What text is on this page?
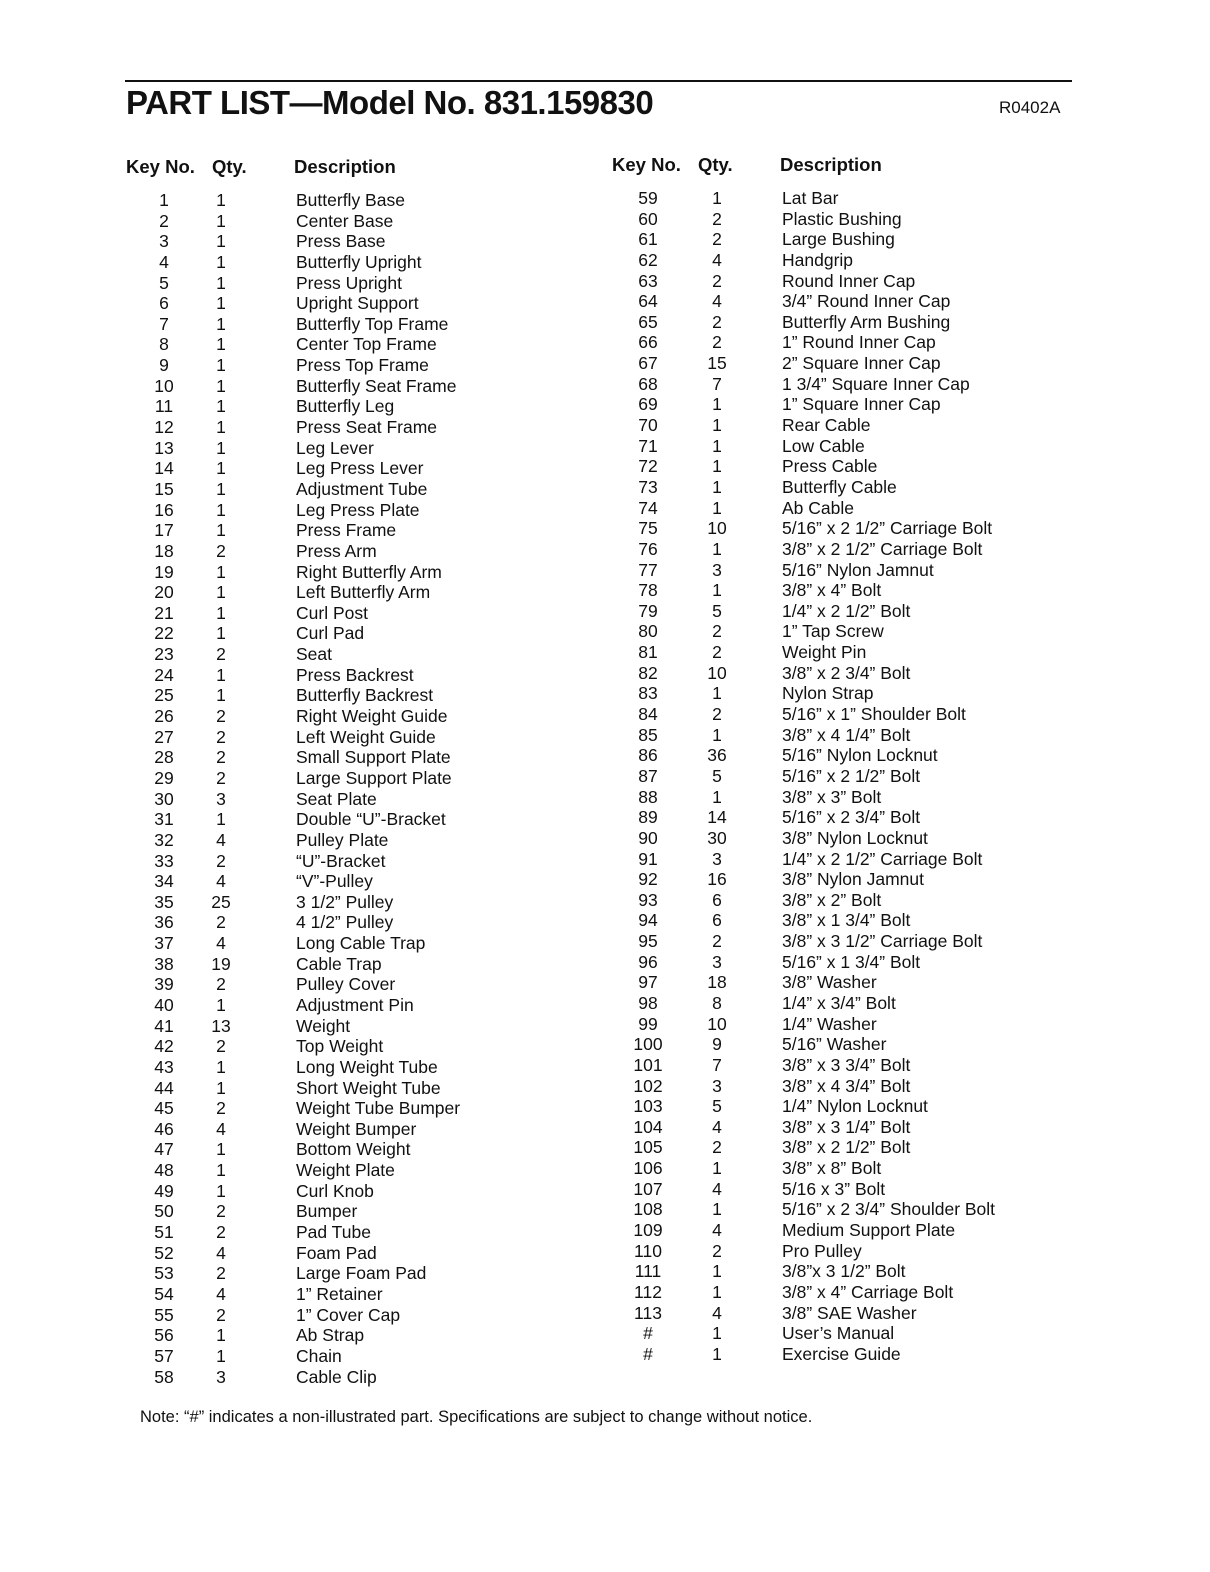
PART LIST—Model No. 831.159830	R0402A
Key No. Qty.	Description
1	1	Butterfly Base
2	1	Center Base
3	1	Press Base
4	1	Butterfly Upright
5	1	Press Upright
6	1	Upright Support
7	1	Butterfly Top Frame
8	1	Center Top Frame
9	1	Press Top Frame
10	1	Butterfly Seat Frame
11	1	Butterfly Leg
12	1	Press Seat Frame
13	1	Leg Lever
14	1	Leg Press Lever
15	1	Adjustment Tube
16	1	Leg Press Plate
17	1	Press Frame
18	2	Press Arm
19	1	Right Butterfly Arm
20	1	Left Butterfly Arm
21	1	Curl Post
22	1	Curl Pad
23	2	Seat
24	1	Press Backrest
25	1	Butterfly Backrest
26	2	Right Weight Guide
27	2	Left Weight Guide
28	2	Small Support Plate
29	2	Large Support Plate
30	3	Seat Plate
31	1	Double “U”-Bracket
32	4	Pulley Plate
33	2	“U”-Bracket
34	4	“V”-Pulley
35	25	3 1/2” Pulley
36	2	4 1/2” Pulley
37	4	Long Cable Trap
38	19	Cable Trap
39	2	Pulley Cover
40	1	Adjustment Pin
41	13	Weight
42	2	Top Weight
43	1	Long Weight Tube
44	1	Short Weight Tube
45	2	Weight Tube Bumper
46	4	Weight Bumper
47	1	Bottom Weight
48	1	Weight Plate
49	1	Curl Knob
50	2	Bumper
51	2	Pad Tube
52	4	Foam Pad
53	2	Large Foam Pad
54	4	1” Retainer
55	2	1” Cover Cap
56	1	Ab Strap
57	1	Chain
58	3	Cable Clip
Key No. Qty.	Description
59	1	Lat Bar
60	2	Plastic Bushing
61	2	Large Bushing
62	4	Handgrip
63	2	Round Inner Cap
64	4	3/4” Round Inner Cap
65	2	Butterfly Arm Bushing
66	2	1” Round Inner Cap
67	15	2” Square Inner Cap
68	7	1 3/4” Square Inner Cap
69	1	1” Square Inner Cap
70	1	Rear Cable
71	1	Low Cable
72	1	Press Cable
73	1	Butterfly Cable
74	1	Ab Cable
75	10	5/16” x 2 1/2” Carriage Bolt
76	1	3/8” x 2 1/2” Carriage Bolt
77	3	5/16” Nylon Jamnut
78	1	3/8” x 4” Bolt
79	5	1/4” x 2 1/2” Bolt
80	2	1” Tap Screw
81	2	Weight Pin
82	10	3/8” x 2 3/4” Bolt
83	1	Nylon Strap
84	2	5/16” x 1” Shoulder Bolt
85	1	3/8” x 4 1/4” Bolt
86	36	5/16” Nylon Locknut
87	5	5/16” x 2 1/2” Bolt
88	1	3/8” x 3” Bolt
89	14	5/16” x 2 3/4” Bolt
90	30	3/8” Nylon Locknut
91	3	1/4” x 2 1/2” Carriage Bolt
92	16	3/8” Nylon Jamnut
93	6	3/8” x 2” Bolt
94	6	3/8” x 1 3/4” Bolt
95	2	3/8” x 3 1/2” Carriage Bolt
96	3	5/16” x 1 3/4” Bolt
97	18	3/8” Washer
98	8	1/4” x 3/4” Bolt
99	10	1/4” Washer
100	9	5/16” Washer
101	7	3/8” x 3 3/4” Bolt
102	3	3/8” x 4 3/4” Bolt
103	5	1/4” Nylon Locknut
104	4	3/8” x 3 1/4” Bolt
105	2	3/8” x 2 1/2” Bolt
106	1	3/8” x 8” Bolt
107	4	5/16 x 3” Bolt
108	1	5/16” x 2 3/4” Shoulder Bolt
109	4	Medium Support Plate
110	2	Pro Pulley
111	1	3/8”x 3 1/2” Bolt
112	1	3/8” x 4” Carriage Bolt
113	4	3/8” SAE Washer
#	1	User’s Manual
#	1	Exercise Guide

Note: “#” indicates a non-illustrated part. Specifications are subject to change without notice.
